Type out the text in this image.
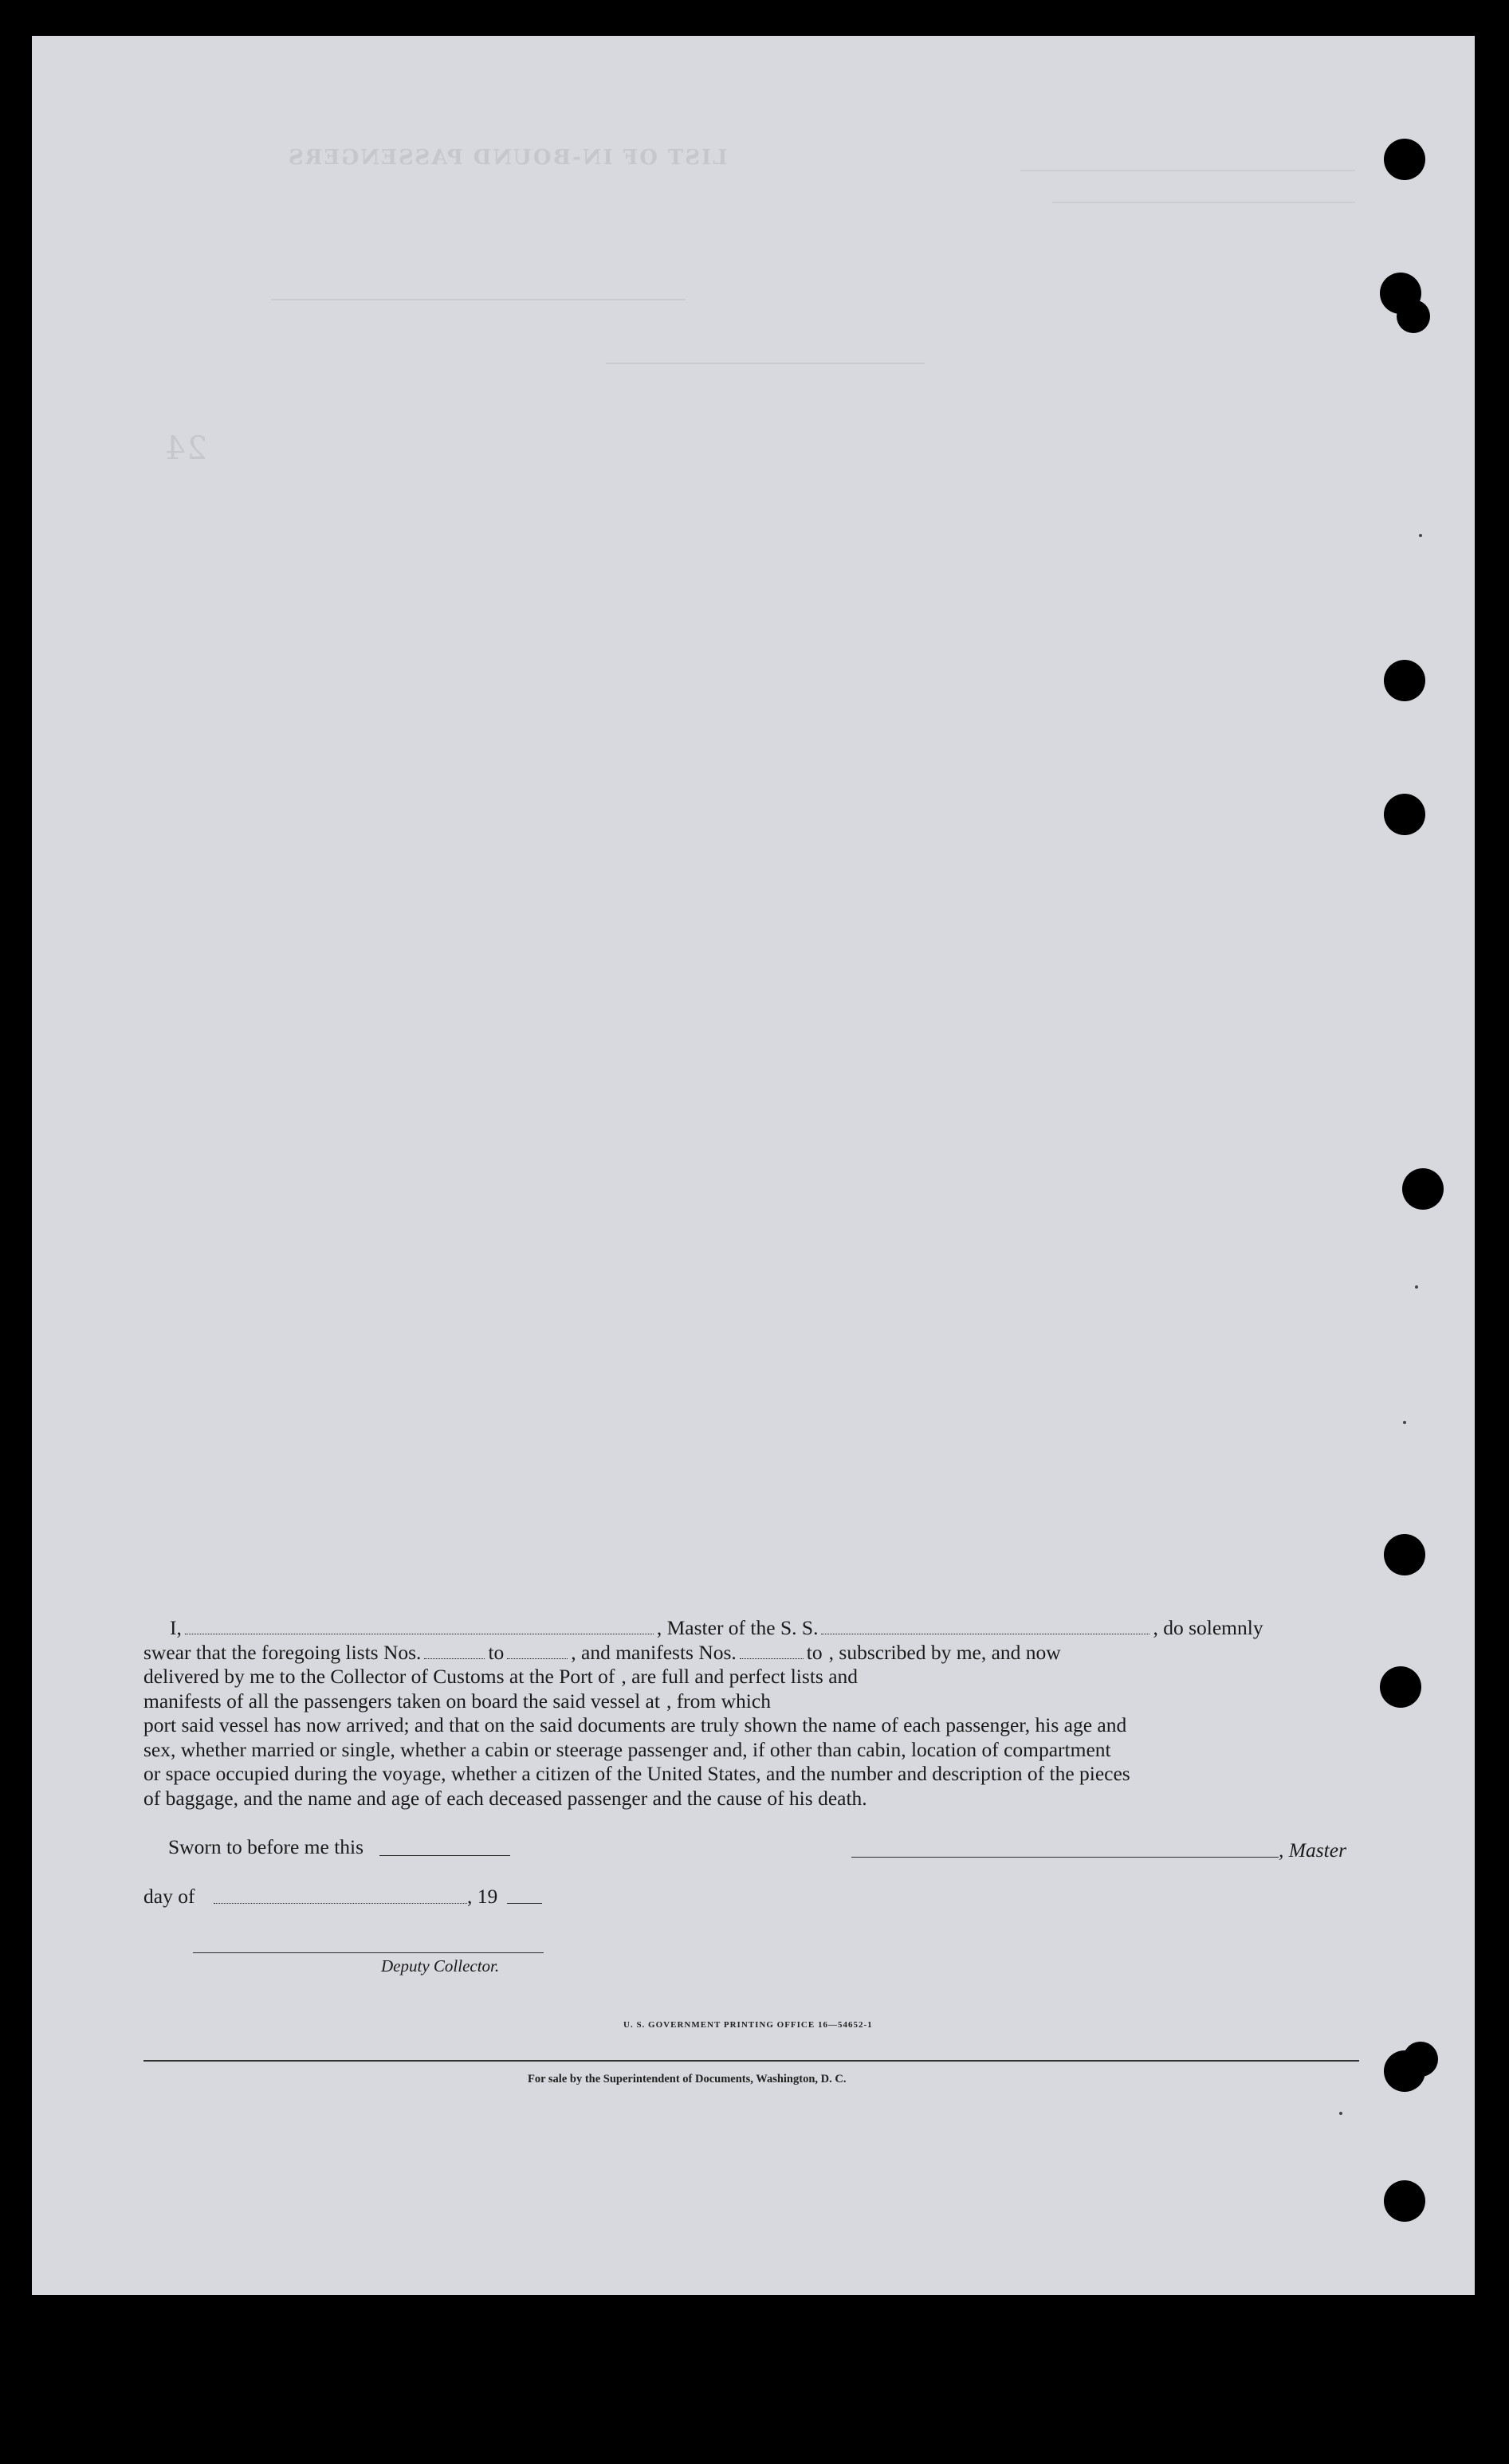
LIST OF IN-BOUND PASSENGERS
24
I,	, Master of the S. S.	, do solemnly
swear that the foregoing lists Nos.	to	, and manifests Nos.	to , subscribed by me, and now
delivered by me to the Collector of Customs at the Port of , are full and perfect lists and
manifests of all the passengers taken on board the said vessel at , from which
port said vessel has now arrived; and that on the said documents are truly shown the name of each passenger, his age and
sex, whether married or single, whether a cabin or steerage passenger and, if other than cabin, location of compartment
or space occupied during the voyage, whether a citizen of the United States, and the number and description of the pieces
of baggage, and the name and age of each deceased passenger and the cause of his death.
Sworn to before me this	, Master
day of	, 19
Deputy Collector.
U. S. GOVERNMENT PRINTING OFFICE 16—54652-1
For sale by the Superintendent of Documents, Washington, D. C.
